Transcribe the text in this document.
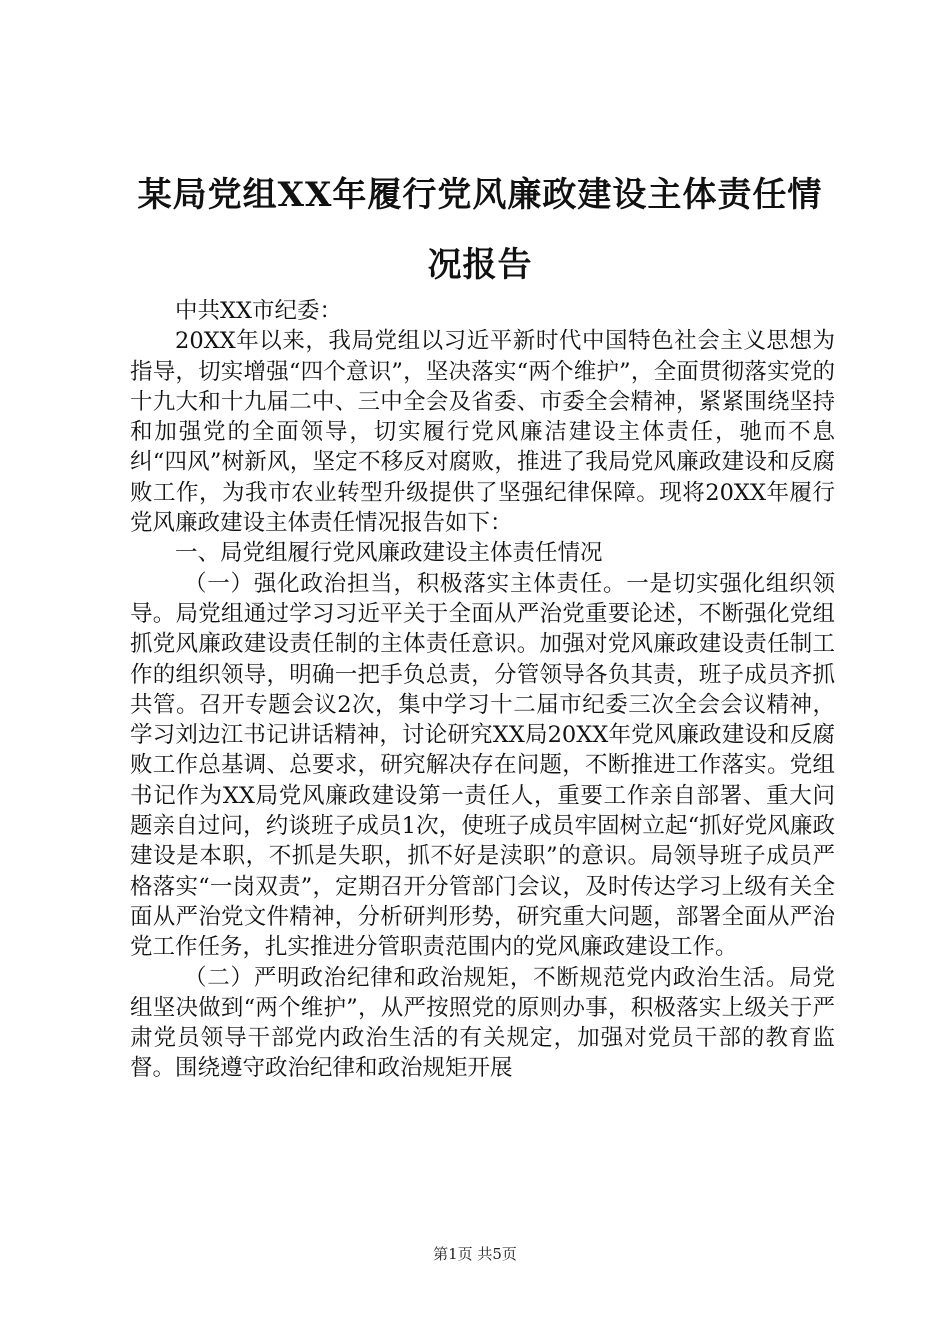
某局党组XX年履行党风廉政建设主体责任情
况报告

中共XX市纪委：

20XX年以来，我局党组以习近平新时代中国特色社会主义思想为指导，切实增强“四个意识”，坚决落实“两个维护”，全面贯彻落实党的十九大和十九届二中、三中全会及省委、市委全会精神，紧紧围绕坚持和加强党的全面领导，切实履行党风廉洁建设主体责任，驰而不息纠“四风”树新风，坚定不移反对腐败，推进了我局党风廉政建设和反腐败工作，为我市农业转型升级提供了坚强纪律保障。现将20XX年履行党风廉政建设主体责任情况报告如下：

一、局党组履行党风廉政建设主体责任情况

（一）强化政治担当，积极落实主体责任。一是切实强化组织领导。局党组通过学习习近平关于全面从严治党重要论述，不断强化党组抓党风廉政建设责任制的主体责任意识。加强对党风廉政建设责任制工作的组织领导，明确一把手负总责，分管领导各负其责，班子成员齐抓共管。召开专题会议2次，集中学习十二届市纪委三次全会会议精神，学习刘边江书记讲话精神，讨论研究XX局20XX年党风廉政建设和反腐败工作总基调、总要求，研究解决存在问题，不断推进工作落实。党组书记作为XX局党风廉政建设第一责任人，重要工作亲自部署、重大问题亲自过问，约谈班子成员1次，使班子成员牢固树立起“抓好党风廉政建设是本职，不抓是失职，抓不好是渎职”的意识。局领导班子成员严格落实“一岗双责”，定期召开分管部门会议，及时传达学习上级有关全面从严治党文件精神，分析研判形势，研究重大问题，部署全面从严治党工作任务，扎实推进分管职责范围内的党风廉政建设工作。

（二）严明政治纪律和政治规矩，不断规范党内政治生活。局党组坚决做到“两个维护”，从严按照党的原则办事，积极落实上级关于严肃党员领导干部党内政治生活的有关规定，加强对党员干部的教育监督。围绕遵守政治纪律和政治规矩开展

第1页 共5页
